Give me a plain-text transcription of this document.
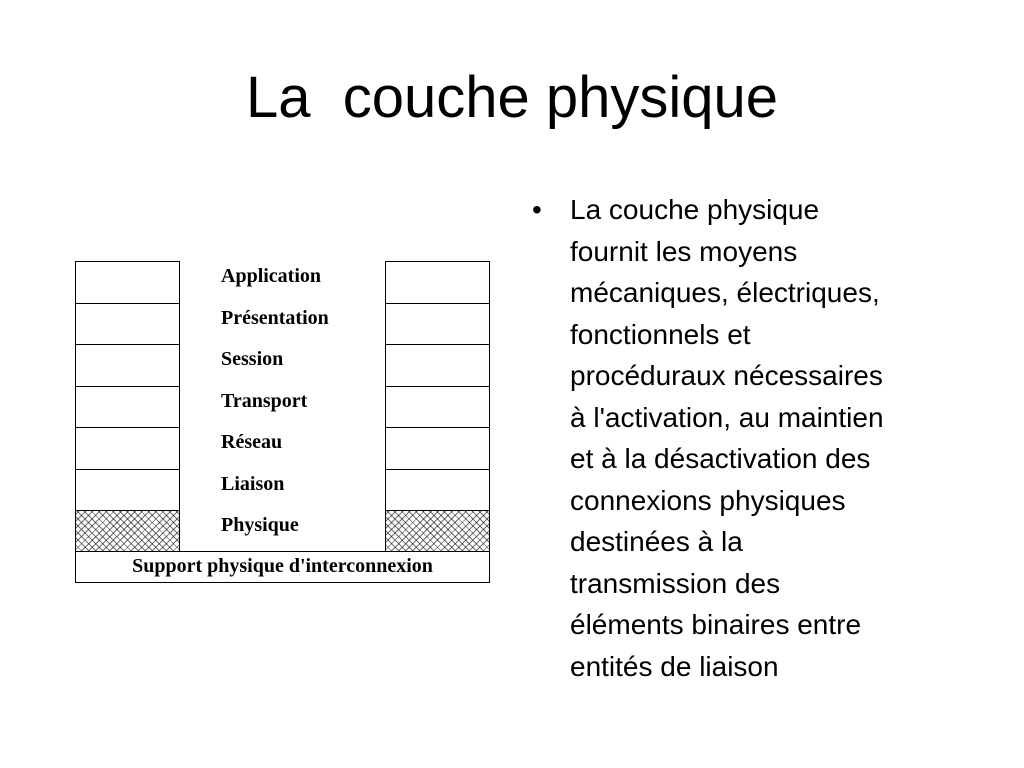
La  couche physique
Application
Présentation
Session
Transport
Réseau
Liaison
Physique
Support physique d'interconnexion
• La couche physique
fournit les moyens
mécaniques, électriques,
fonctionnels et
procéduraux nécessaires
à l'activation, au maintien
et à la désactivation des
connexions physiques
destinées à la
transmission des
éléments binaires entre
entités de liaison
